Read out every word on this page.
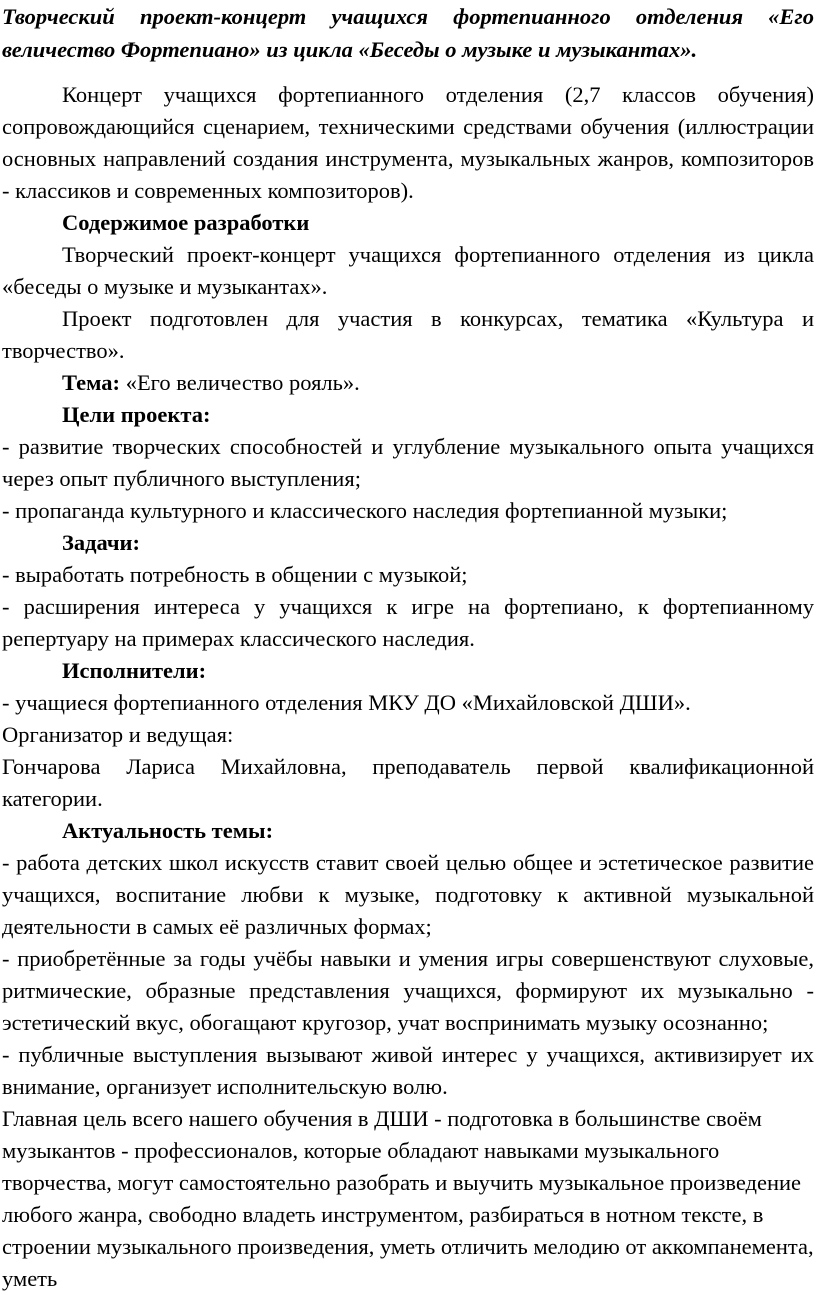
Творческий проект-концерт учащихся фортепианного отделения «Его величество Фортепиано» из цикла «Беседы о музыке и музыкантах».

Концерт учащихся фортепианного отделения (2,7 классов обучения) сопровождающийся сценарием, техническими средствами обучения (иллюстрации основных направлений создания инструмента, музыкальных жанров, композиторов - классиков и современных композиторов).

Содержимое разработки

Творческий проект-концерт учащихся фортепианного отделения из цикла «беседы о музыке и музыкантах».

Проект подготовлен для участия в конкурсах, тематика «Культура и творчество».

Тема: «Его величество рояль».

Цели проекта:

- развитие творческих способностей и углубление музыкального опыта учащихся через опыт публичного выступления;

- пропаганда культурного и классического наследия фортепианной музыки;

Задачи:

- выработать потребность в общении с музыкой;

- расширения интереса у учащихся к игре на фортепиано, к фортепианному репертуару на примерах классического наследия.

Исполнители:

- учащиеся фортепианного отделения МКУ ДО «Михайловской ДШИ».

Организатор и ведущая:

Гончарова Лариса Михайловна, преподаватель первой квалификационной категории.

Актуальность темы:

- работа детских школ искусств ставит своей целью общее и эстетическое развитие учащихся, воспитание любви к музыке, подготовку к активной музыкальной деятельности в самых её различных формах;

- приобретённые за годы учёбы навыки и умения игры совершенствуют слуховые, ритмические, образные представления учащихся, формируют их музыкально - эстетический вкус, обогащают кругозор, учат воспринимать музыку осознанно;

- публичные выступления вызывают живой интерес у учащихся, активизирует их внимание, организует исполнительскую волю.

Главная цель всего нашего обучения в ДШИ - подготовка в большинстве своём музыкантов - профессионалов, которые обладают навыками музыкального творчества, могут самостоятельно разобрать и выучить музыкальное произведение любого жанра, свободно владеть инструментом, разбираться в нотном тексте, в строении музыкального произведения, уметь отличить мелодию от аккомпанемента, уметь
